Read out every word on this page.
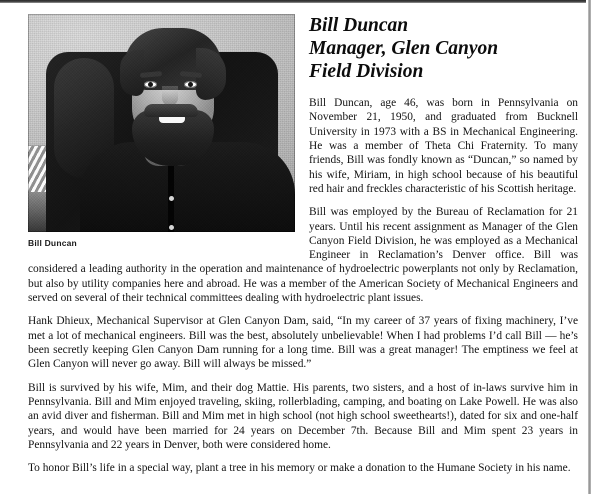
Bill Duncan
Bill Duncan
Manager, Glen Canyon
Field Division

Bill Duncan, age 46, was born in Pennsylvania on November 21, 1950, and graduated from Bucknell University in 1973 with a BS in Mechanical Engineering. He was a member of Theta Chi Fraternity. To many friends, Bill was fondly known as “Duncan,” so named by his wife, Miriam, in high school because of his beautiful red hair and freckles characteristic of his Scottish heritage.

Bill was employed by the Bureau of Reclamation for 21 years. Until his recent assignment as Manager of the Glen Canyon Field Division, he was employed as a Mechanical Engineer in Reclamation’s Denver office. Bill was considered a leading authority in the operation and maintenance of hydroelectric powerplants not only by Reclamation, but also by utility companies here and abroad. He was a member of the American Society of Mechanical Engineers and served on several of their technical committees dealing with hydroelectric plant issues.

Hank Dhieux, Mechanical Supervisor at Glen Canyon Dam, said, “In my career of 37 years of fixing machinery, I’ve met a lot of mechanical engineers. Bill was the best, absolutely unbelievable! When I had problems I’d call Bill — he’s been secretly keeping Glen Canyon Dam running for a long time. Bill was a great manager! The emptiness we feel at Glen Canyon will never go away. Bill will always be missed.”

Bill is survived by his wife, Mim, and their dog Mattie. His parents, two sisters, and a host of in-laws survive him in Pennsylvania. Bill and Mim enjoyed traveling, skiing, rollerblading, camping, and boating on Lake Powell. He was also an avid diver and fisherman. Bill and Mim met in high school (not high school sweethearts!), dated for six and one-half years, and would have been married for 24 years on December 7th. Because Bill and Mim spent 23 years in Pennsylvania and 22 years in Denver, both were considered home.

To honor Bill’s life in a special way, plant a tree in his memory or make a donation to the Humane Society in his name.
